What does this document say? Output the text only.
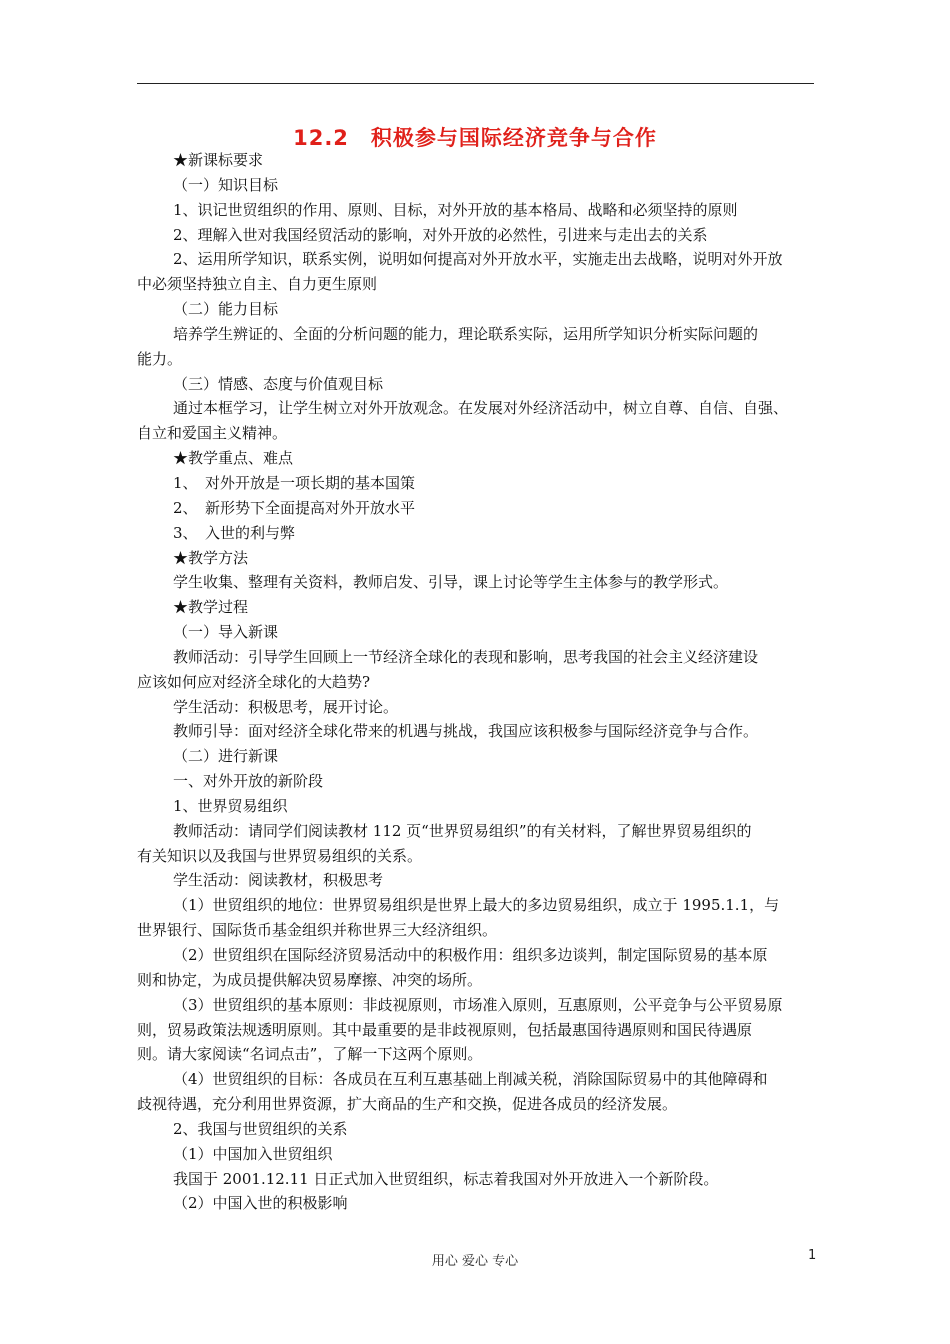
12.2　积极参与国际经济竞争与合作
★新课标要求
（一）知识目标
1、识记世贸组织的作用、原则、目标，对外开放的基本格局、战略和必须坚持的原则
2、理解入世对我国经贸活动的影响，对外开放的必然性，引进来与走出去的关系
2、运用所学知识，联系实例，说明如何提高对外开放水平，实施走出去战略，说明对外开放
中必须坚持独立自主、自力更生原则
（二）能力目标
培养学生辨证的、全面的分析问题的能力，理论联系实际，运用所学知识分析实际问题的
能力。
（三）情感、态度与价值观目标
通过本框学习，让学生树立对外开放观念。在发展对外经济活动中，树立自尊、自信、自强、
自立和爱国主义精神。
★教学重点、难点
1、　对外开放是一项长期的基本国策
2、　新形势下全面提高对外开放水平
3、　入世的利与弊
★教学方法
学生收集、整理有关资料，教师启发、引导，课上讨论等学生主体参与的教学形式。
★教学过程
（一）导入新课
教师活动：引导学生回顾上一节经济全球化的表现和影响，思考我国的社会主义经济建设
应该如何应对经济全球化的大趋势?
学生活动：积极思考，展开讨论。
教师引导：面对经济全球化带来的机遇与挑战，我国应该积极参与国际经济竞争与合作。
（二）进行新课
一、对外开放的新阶段
1、世界贸易组织
教师活动：请同学们阅读教材 112 页“世界贸易组织”的有关材料，了解世界贸易组织的
有关知识以及我国与世界贸易组织的关系。
学生活动：阅读教材，积极思考
（1）世贸组织的地位：世界贸易组织是世界上最大的多边贸易组织，成立于 1995.1.1，与
世界银行、国际货币基金组织并称世界三大经济组织。
（2）世贸组织在国际经济贸易活动中的积极作用：组织多边谈判，制定国际贸易的基本原
则和协定，为成员提供解决贸易摩擦、冲突的场所。
（3）世贸组织的基本原则：非歧视原则，市场准入原则，互惠原则，公平竞争与公平贸易原
则，贸易政策法规透明原则。其中最重要的是非歧视原则，包括最惠国待遇原则和国民待遇原
则。请大家阅读“名词点击”，了解一下这两个原则。
（4）世贸组织的目标：各成员在互利互惠基础上削减关税，消除国际贸易中的其他障碍和
歧视待遇，充分利用世界资源，扩大商品的生产和交换，促进各成员的经济发展。
2、我国与世贸组织的关系
（1）中国加入世贸组织
我国于 2001.12.11 日正式加入世贸组织，标志着我国对外开放进入一个新阶段。
（2）中国入世的积极影响
用心 爱心 专心	1
